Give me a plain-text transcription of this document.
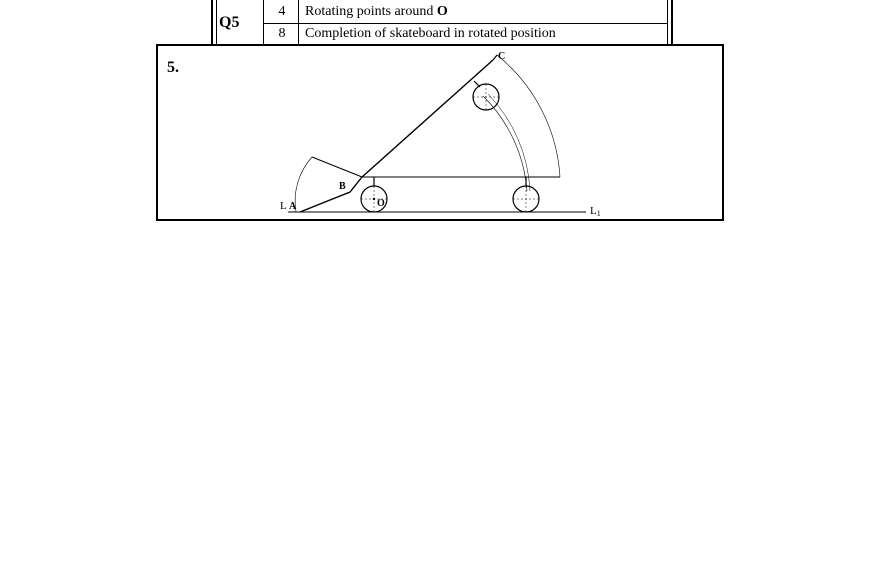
Q5
4	Rotating points around O
8	Completion of skateboard in rotated position
5.
L A
B
O
C
L1
